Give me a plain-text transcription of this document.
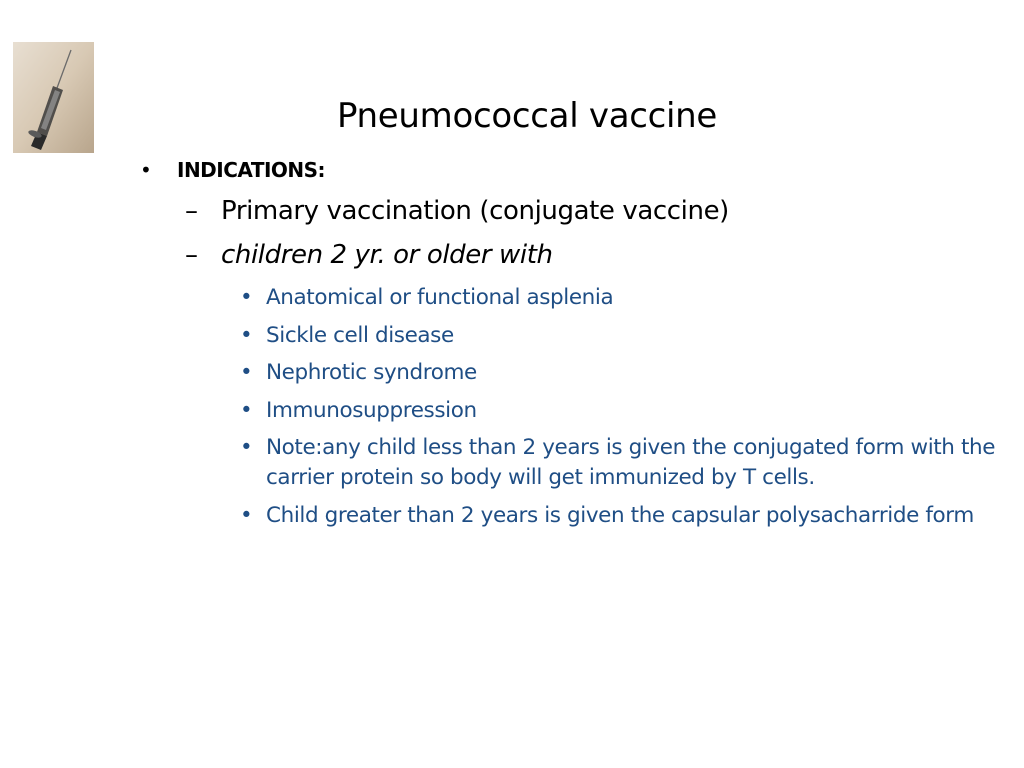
Pneumococcal vaccine
• INDICATIONS:
– Primary vaccination (conjugate vaccine)
– children 2 yr. or older with
• Anatomical or functional asplenia
• Sickle cell disease
• Nephrotic syndrome
• Immunosuppression
• Note:any child less than 2 years is given the conjugated form with the carrier protein so body will get immunized by T cells.
• Child greater than 2 years is given the capsular polysacharride form
